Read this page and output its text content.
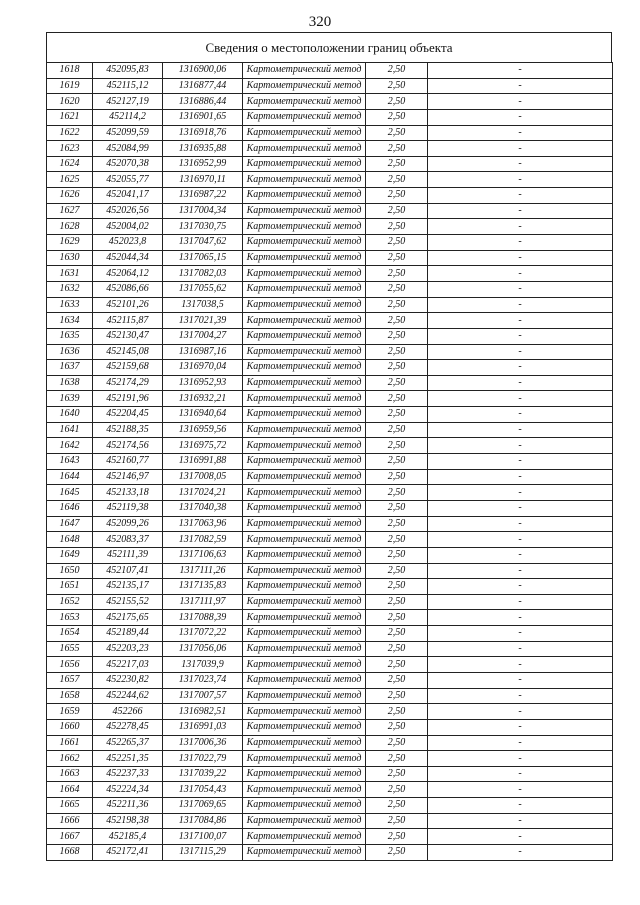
320
Сведения о местоположении границ объекта
1618	452095,83	1316900,06	Картометрический метод	2,50	-
1619	452115,12	1316877,44	Картометрический метод	2,50	-
1620	452127,19	1316886,44	Картометрический метод	2,50	-
1621	452114,2	1316901,65	Картометрический метод	2,50	-
1622	452099,59	1316918,76	Картометрический метод	2,50	-
1623	452084,99	1316935,88	Картометрический метод	2,50	-
1624	452070,38	1316952,99	Картометрический метод	2,50	-
1625	452055,77	1316970,11	Картометрический метод	2,50	-
1626	452041,17	1316987,22	Картометрический метод	2,50	-
1627	452026,56	1317004,34	Картометрический метод	2,50	-
1628	452004,02	1317030,75	Картометрический метод	2,50	-
1629	452023,8	1317047,62	Картометрический метод	2,50	-
1630	452044,34	1317065,15	Картометрический метод	2,50	-
1631	452064,12	1317082,03	Картометрический метод	2,50	-
1632	452086,66	1317055,62	Картометрический метод	2,50	-
1633	452101,26	1317038,5	Картометрический метод	2,50	-
1634	452115,87	1317021,39	Картометрический метод	2,50	-
1635	452130,47	1317004,27	Картометрический метод	2,50	-
1636	452145,08	1316987,16	Картометрический метод	2,50	-
1637	452159,68	1316970,04	Картометрический метод	2,50	-
1638	452174,29	1316952,93	Картометрический метод	2,50	-
1639	452191,96	1316932,21	Картометрический метод	2,50	-
1640	452204,45	1316940,64	Картометрический метод	2,50	-
1641	452188,35	1316959,56	Картометрический метод	2,50	-
1642	452174,56	1316975,72	Картометрический метод	2,50	-
1643	452160,77	1316991,88	Картометрический метод	2,50	-
1644	452146,97	1317008,05	Картометрический метод	2,50	-
1645	452133,18	1317024,21	Картометрический метод	2,50	-
1646	452119,38	1317040,38	Картометрический метод	2,50	-
1647	452099,26	1317063,96	Картометрический метод	2,50	-
1648	452083,37	1317082,59	Картометрический метод	2,50	-
1649	452111,39	1317106,63	Картометрический метод	2,50	-
1650	452107,41	1317111,26	Картометрический метод	2,50	-
1651	452135,17	1317135,83	Картометрический метод	2,50	-
1652	452155,52	1317111,97	Картометрический метод	2,50	-
1653	452175,65	1317088,39	Картометрический метод	2,50	-
1654	452189,44	1317072,22	Картометрический метод	2,50	-
1655	452203,23	1317056,06	Картометрический метод	2,50	-
1656	452217,03	1317039,9	Картометрический метод	2,50	-
1657	452230,82	1317023,74	Картометрический метод	2,50	-
1658	452244,62	1317007,57	Картометрический метод	2,50	-
1659	452266	1316982,51	Картометрический метод	2,50	-
1660	452278,45	1316991,03	Картометрический метод	2,50	-
1661	452265,37	1317006,36	Картометрический метод	2,50	-
1662	452251,35	1317022,79	Картометрический метод	2,50	-
1663	452237,33	1317039,22	Картометрический метод	2,50	-
1664	452224,34	1317054,43	Картометрический метод	2,50	-
1665	452211,36	1317069,65	Картометрический метод	2,50	-
1666	452198,38	1317084,86	Картометрический метод	2,50	-
1667	452185,4	1317100,07	Картометрический метод	2,50	-
1668	452172,41	1317115,29	Картометрический метод	2,50	-
